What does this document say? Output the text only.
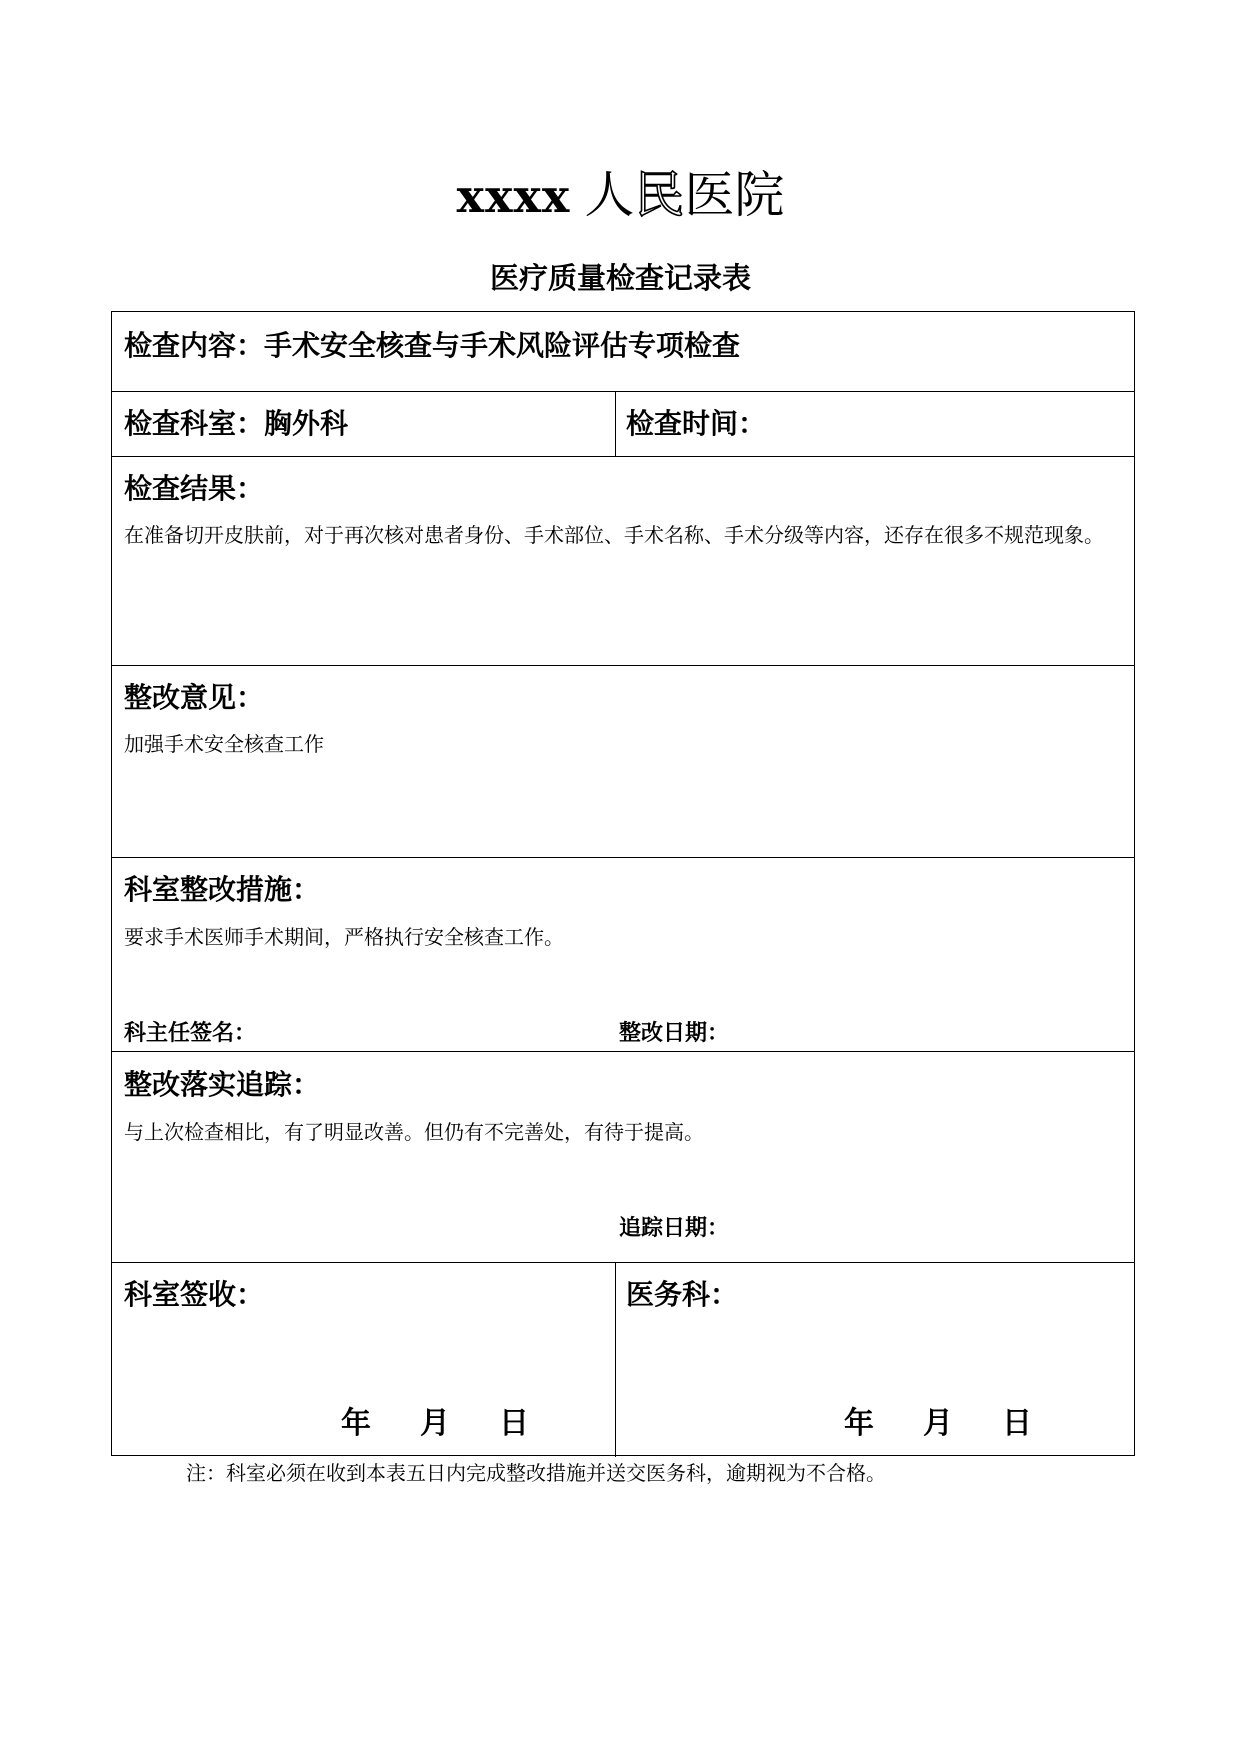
xxxx 人民医院
医疗质量检查记录表
检查内容：手术安全核查与手术风险评估专项检查
检查科室：胸外科	检查时间：
检查结果：
在准备切开皮肤前，对于再次核对患者身份、手术部位、手术名称、手术分级等内容，还存在很多不规范现象。
整改意见：
加强手术安全核查工作
科室整改措施：
要求手术医师手术期间，严格执行安全核查工作。
科主任签名：	整改日期：
整改落实追踪：
与上次检查相比，有了明显改善。但仍有不完善处，有待于提高。
追踪日期：
科室签收：	医务科：
年 月 日	年 月 日
注：科室必须在收到本表五日内完成整改措施并送交医务科，逾期视为不合格。
